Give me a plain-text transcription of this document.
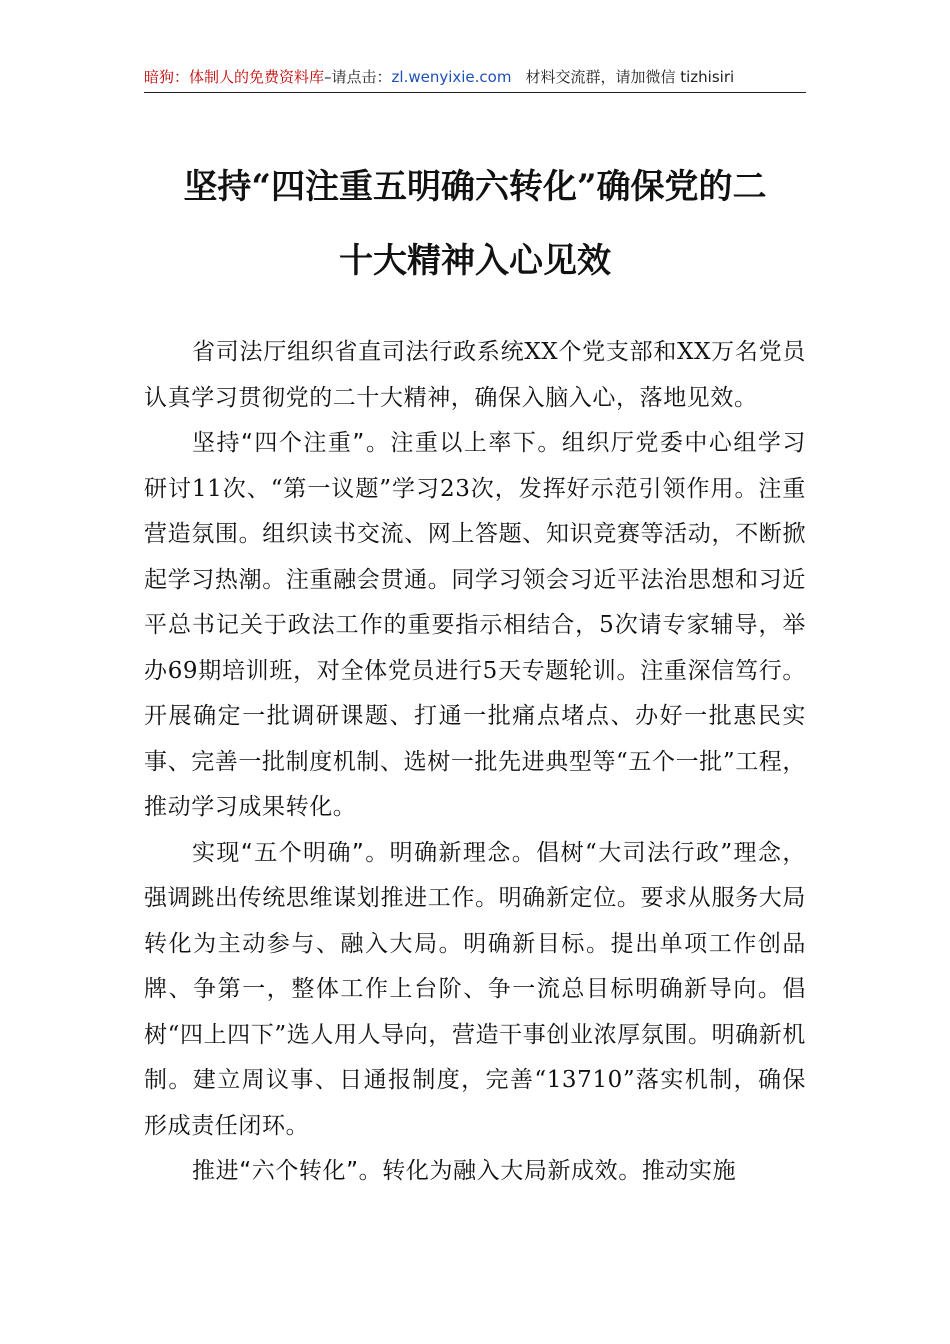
暗狗：体制人的免费资料库–请点击：zl.wenyixie.com 材料交流群，请加微信 tizhisiri
坚持“四注重五明确六转化”确保党的二
十大精神入心见效

省司法厅组织省直司法行政系统XX个党支部和XX万名党员认真学习贯彻党的二十大精神，确保入脑入心，落地见效。

坚持“四个注重”。注重以上率下。组织厅党委中心组学习研讨11次、“第一议题”学习23次，发挥好示范引领作用。注重营造氛围。组织读书交流、网上答题、知识竞赛等活动，不断掀起学习热潮。注重融会贯通。同学习领会习近平法治思想和习近平总书记关于政法工作的重要指示相结合，5次请专家辅导，举办69期培训班，对全体党员进行5天专题轮训。注重深信笃行。开展确定一批调研课题、打通一批痛点堵点、办好一批惠民实事、完善一批制度机制、选树一批先进典型等“五个一批”工程，推动学习成果转化。

实现“五个明确”。明确新理念。倡树“大司法行政”理念，强调跳出传统思维谋划推进工作。明确新定位。要求从服务大局转化为主动参与、融入大局。明确新目标。提出单项工作创品牌、争第一，整体工作上台阶、争一流总目标明确新导向。倡树“四上四下”选人用人导向，营造干事创业浓厚氛围。明确新机制。建立周议事、日通报制度，完善“13710”落实机制，确保形成责任闭环。

推进“六个转化”。转化为融入大局新成效。推动实施
